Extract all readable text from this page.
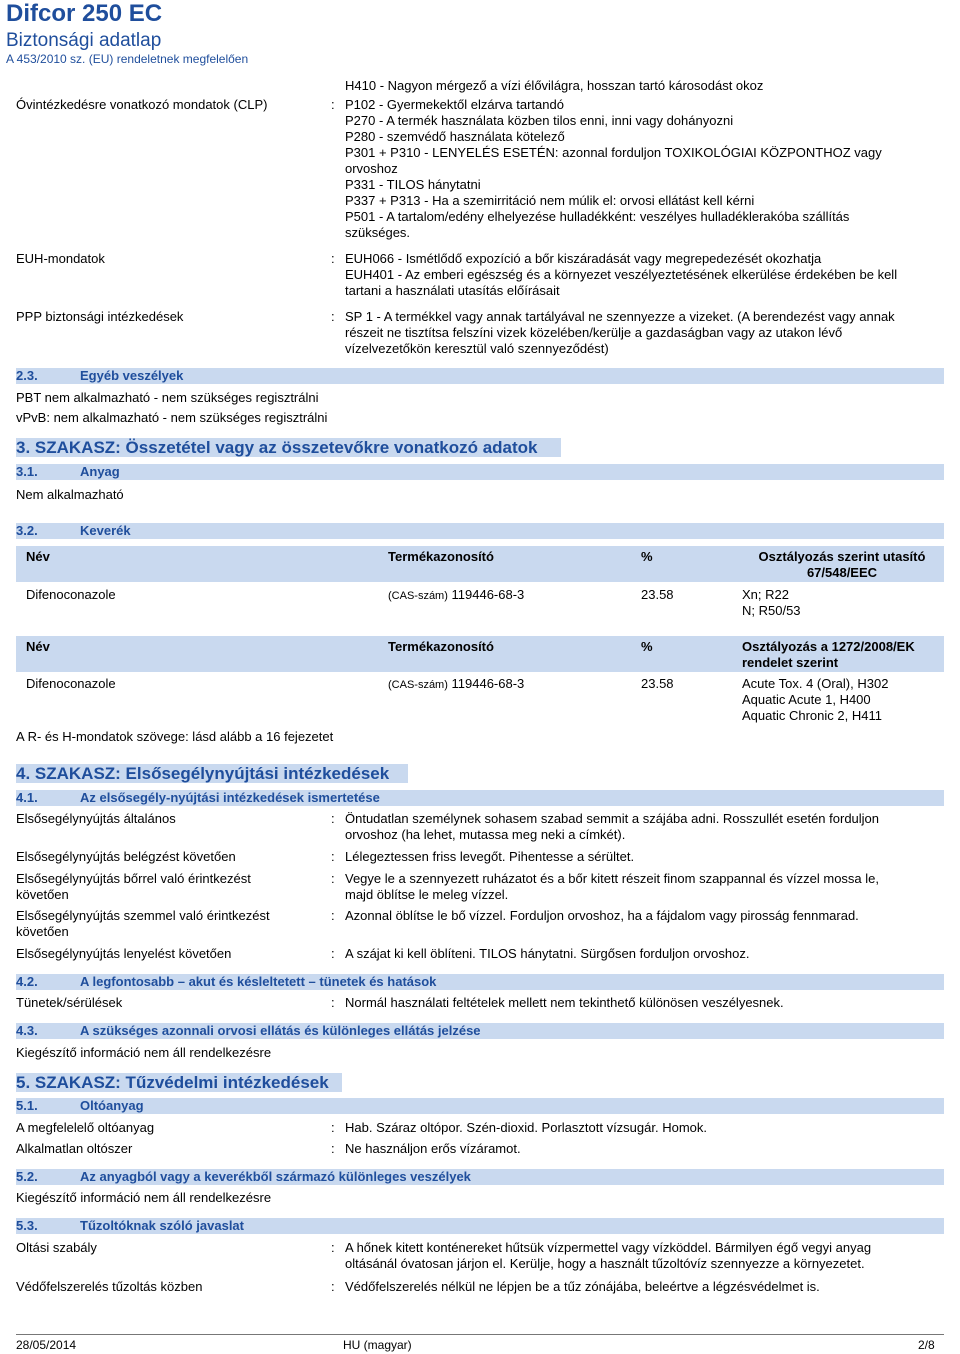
Difcor 250 EC
Biztonsági adatlap
A 453/2010 sz. (EU) rendeletnek megfelelően
H410 - Nagyon mérgező a vízi élővilágra, hosszan tartó károsodást okoz
Óvintézkedésre vonatkozó mondatok (CLP)	: P102 - Gyermekektől elzárva tartandó
P270 - A termék használata közben tilos enni, inni vagy dohányozni
P280 - szemvédő használata kötelező
P301 + P310 - LENYELÉS ESETÉN: azonnal forduljon TOXIKOLÓGIAI KÖZPONTHOZ vagy
orvoshoz
P331 - TILOS hánytatni
P337 + P313 - Ha a szemirritáció nem múlik el: orvosi ellátást kell kérni
P501 - A tartalom/edény elhelyezése hulladékként: veszélyes hulladéklerakóba szállítás
szükséges.
EUH-mondatok	: EUH066 - Ismétlődő expozíció a bőr kiszáradását vagy megrepedezését okozhatja
EUH401 - Az emberi egészség és a környezet veszélyeztetésének elkerülése érdekében be kell
tartani a használati utasítás előírásait
PPP biztonsági intézkedések	: SP 1 - A termékkel vagy annak tartályával ne szennyezze a vizeket. (A berendezést vagy annak
részeit ne tisztítsa felszíni vizek közelében/kerülje a gazdaságban vagy az utakon lévő
vízelvezetőkön keresztül való szennyeződést)
2.3.	Egyéb veszélyek
PBT nem alkalmazható - nem szükséges regisztrálni
vPvB: nem alkalmazható - nem szükséges regisztrálni
3. SZAKASZ: Összetétel vagy az összetevőkre vonatkozó adatok
3.1.	Anyag
Nem alkalmazható
3.2.	Keverék
Név	Termékazonosító	%	Osztályozás szerint utasító
67/548/EEC
Difenoconazole	(CAS-szám) 119446-68-3	23.58	Xn; R22
N; R50/53
Név	Termékazonosító	%	Osztályozás a 1272/2008/EK
rendelet szerint
Difenoconazole	(CAS-szám) 119446-68-3	23.58	Acute Tox. 4 (Oral), H302
Aquatic Acute 1, H400
Aquatic Chronic 2, H411
A R- és H-mondatok szövege: lásd alább a 16 fejezetet
4. SZAKASZ: Elsősegélynyújtási intézkedések
4.1.	Az elsősegély-nyújtási intézkedések ismertetése
Elsősegélynyújtás általános	: Öntudatlan személynek sohasem szabad semmit a szájába adni. Rosszullét esetén forduljon
orvoshoz (ha lehet, mutassa meg neki a címkét).
Elsősegélynyújtás belégzést követően	: Lélegeztessen friss levegőt. Pihentesse a sérültet.
Elsősegélynyújtás bőrrel való érintkezést
követően
: Vegye le a szennyezett ruházatot és a bőr kitett részeit finom szappannal és vízzel mossa le,
majd öblítse le meleg vízzel.
Elsősegélynyújtás szemmel való érintkezést
követően
: Azonnal öblítse le bő vízzel. Forduljon orvoshoz, ha a fájdalom vagy pirosság fennmarad.
Elsősegélynyújtás lenyelést követően	: A szájat ki kell öblíteni. TILOS hánytatni. Sürgősen forduljon orvoshoz.
4.2.	A legfontosabb – akut és késleltetett – tünetek és hatások
Tünetek/sérülések	: Normál használati feltételek mellett nem tekinthető különösen veszélyesnek.
4.3.	A szükséges azonnali orvosi ellátás és különleges ellátás jelzése
Kiegészítő információ nem áll rendelkezésre
5. SZAKASZ: Tűzvédelmi intézkedések
5.1.	Oltóanyag
A megfelelelő oltóanyag	: Hab. Száraz oltópor. Szén-dioxid. Porlasztott vízsugár. Homok.
Alkalmatlan oltószer	: Ne használjon erős vízáramot.
5.2.	Az anyagból vagy a keverékből származó különleges veszélyek
Kiegészítő információ nem áll rendelkezésre
5.3.	Tűzoltóknak szóló javaslat
Oltási szabály	: A hőnek kitett konténereket hűtsük vízpermettel vagy vízköddel. Bármilyen égő vegyi anyag
oltásánál óvatosan járjon el. Kerülje, hogy a használt tűzoltóvíz szennyezze a környezetet.
Védőfelszerelés tűzoltás közben	: Védőfelszerelés nélkül ne lépjen be a tűz zónájába, beleértve a légzésvédelmet is.
28/05/2014	HU (magyar)	2/8
